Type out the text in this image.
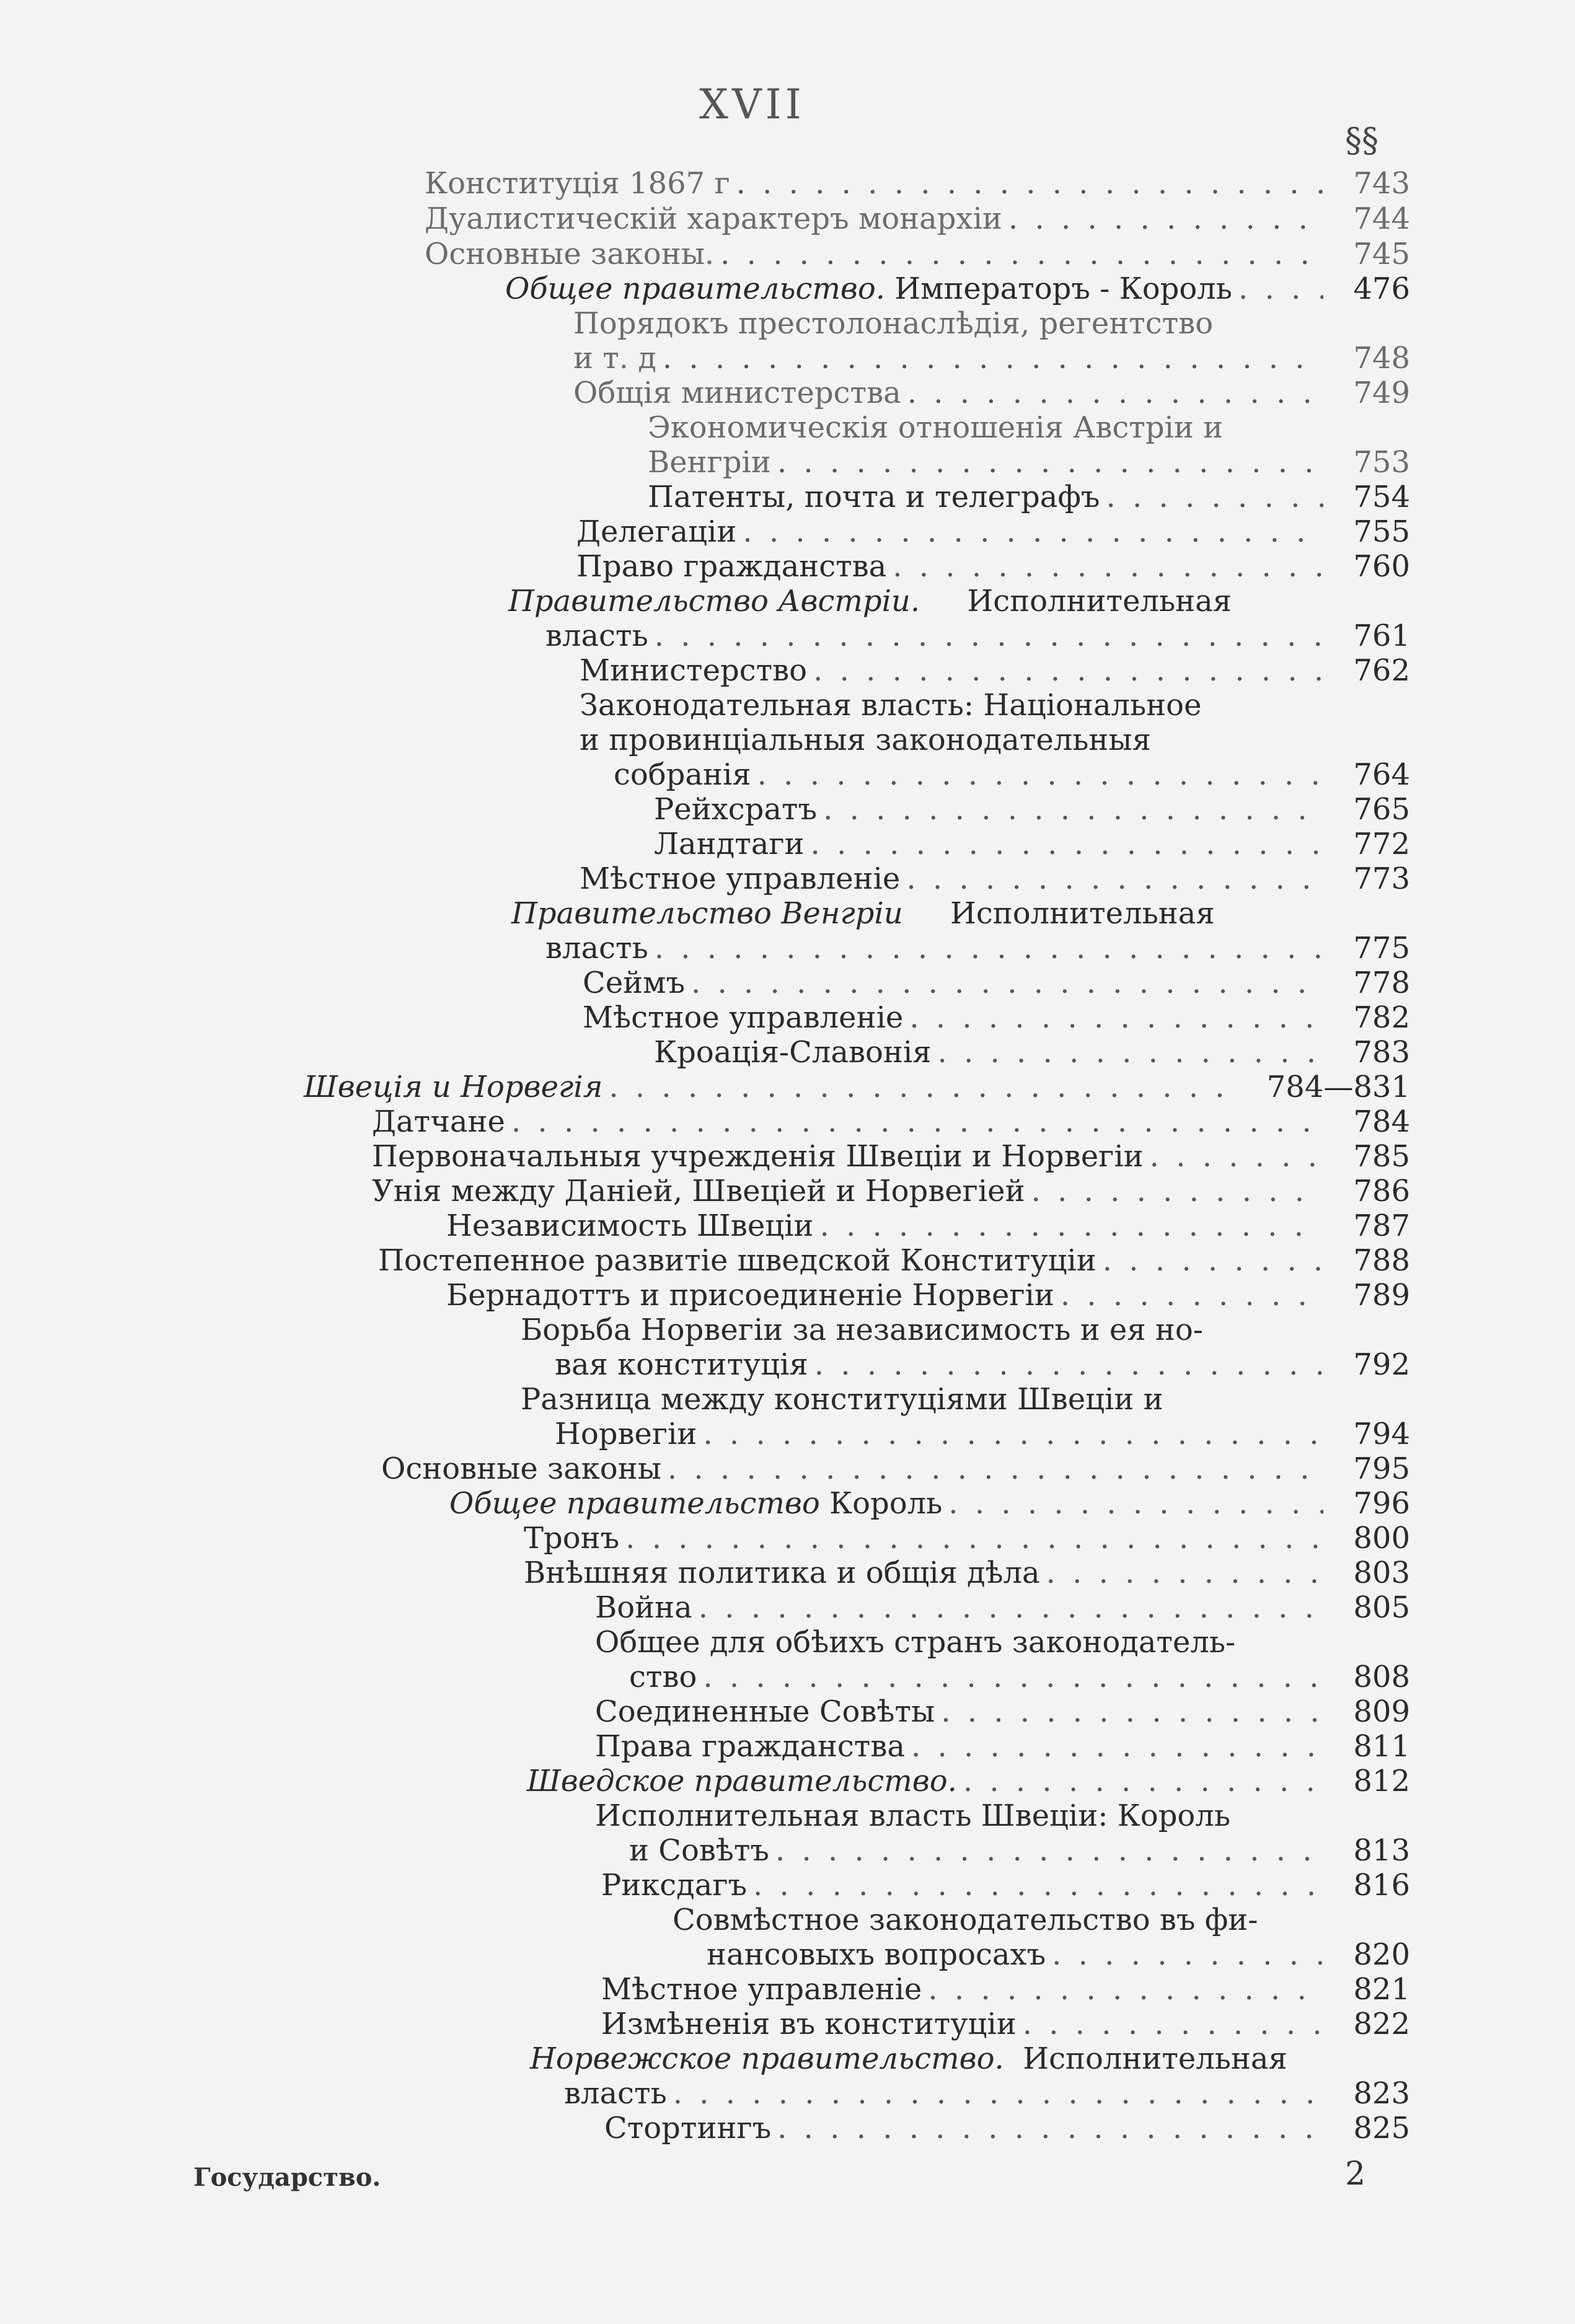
XVII
§§
Конституція 1867 г . . .	743
Дуалистическій характеръ монархіи . . .	744
Основные законы. . . .	745
Общее правительство. Императоръ - Король . . .	476
Порядокъ престолонаслѣдія, регентство
и т. д . . .	748
Общія министерства . . .	749
Экономическія отношенія Австріи и
Венгріи . . .	753
Патенты, почта и телеграфъ . . .	754
Делегаціи . . .	755
Право гражданства . . .	760
Правительство Австріи.     Исполнительная
власть . . .	761
Министерство . . .	762
Законодательная власть: Національное
и провинціальныя законодательныя
собранія . . .	764
Рейхсратъ . . .	765
Ландтаги . . .	772
Мѣстное управленіе . . .	773
Правительство Венгріи     Исполнительная
власть . . .	775
Сеймъ . . .	778
Мѣстное управленіе . . .	782
Кроація-Славонія . . .	783
Швеція и Норвегія . . .	784—831
Датчане . . .	784
Первоначальныя учрежденія Швеціи и Норвегіи . . .	785
Унія между Даніей, Швеціей и Норвегіей . . .	786
Независимость Швеціи . . .	787
Постепенное развитіе шведской Конституціи . . .	788
Бернадоттъ и присоединеніе Норвегіи . . .	789
Борьба Норвегіи за независимость и ея но-
вая конституція . . .	792
Разница между конституціями Швеціи и
Норвегіи . . .	794
Основные законы . . .	795
Общее правительство Король . . .	796
Тронъ . . .	800
Внѣшняя политика и общія дѣла . . .	803
Война . . .	805
Общее для обѣихъ странъ законодатель-
ство . . .	808
Соединенные Совѣты . . .	809
Права гражданства . . .	811
Шведское правительство. . . .	812
Исполнительная власть Швеціи: Король
и Совѣтъ . . .	813
Риксдагъ . . .	816
Совмѣстное законодательство въ фи-
нансовыхъ вопросахъ . . .	820
Мѣстное управленіе . . .	821
Измѣненія въ конституціи . . .	822
Норвежское правительство.  Исполнительная
власть . . .	823
Стортингъ . . .	825
Государство.	2
